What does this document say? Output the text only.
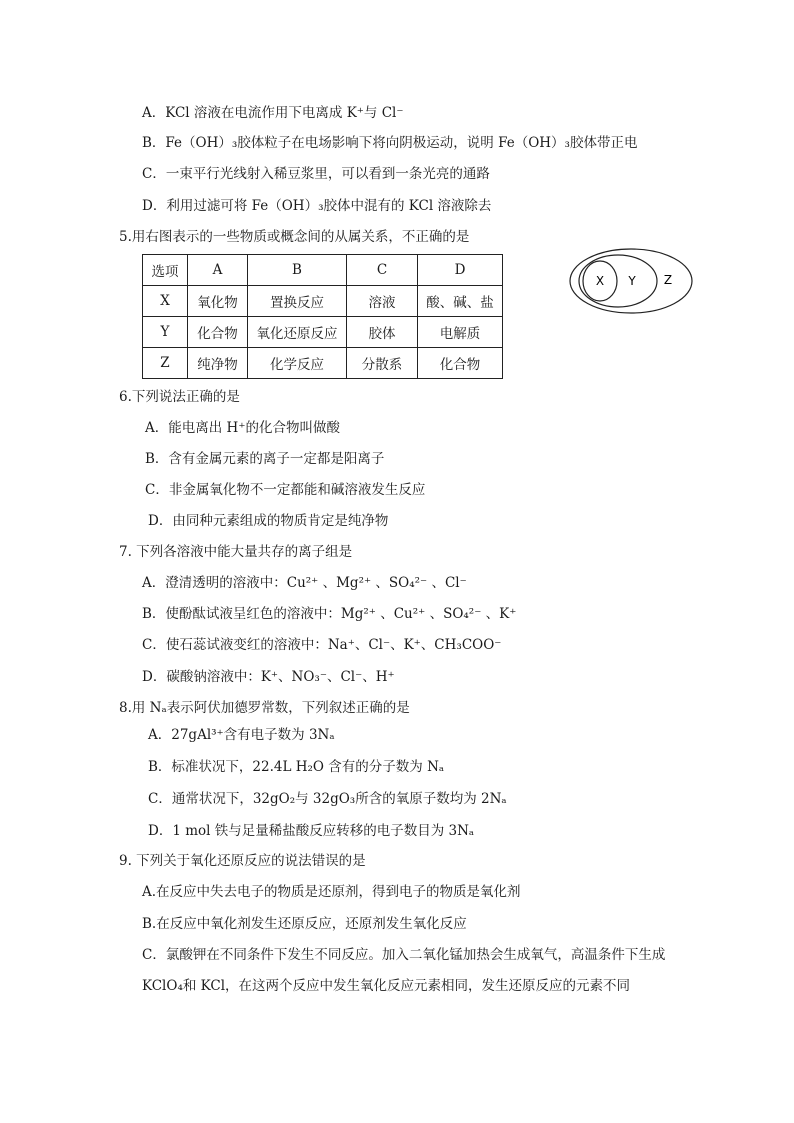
A．KCl 溶液在电流作用下电离成 K⁺与 Cl⁻
B．Fe（OH）₃胶体粒子在电场影响下将向阴极运动，说明 Fe（OH）₃胶体带正电
C．一束平行光线射入稀豆浆里，可以看到一条光亮的通路
D．利用过滤可将 Fe（OH）₃胶体中混有的 KCl 溶液除去
5.用右图表示的一些物质或概念间的从属关系，不正确的是
选项	A	B	C	D
X	氧化物	置换反应	溶液	酸、碱、盐
Y	化合物	氧化还原反应	胶体	电解质
Z	纯净物	化学反应	分散系	化合物
X Y Z
6.下列说法正确的是
A．能电离出 H⁺的化合物叫做酸
B．含有金属元素的离子一定都是阳离子
C．非金属氧化物不一定都能和碱溶液发生反应
D．由同种元素组成的物质肯定是纯净物
7. 下列各溶液中能大量共存的离子组是
A．澄清透明的溶液中：Cu²⁺ 、Mg²⁺ 、SO₄²⁻ 、Cl⁻
B．使酚酞试液呈红色的溶液中：Mg²⁺ 、Cu²⁺ 、SO₄²⁻ 、K⁺
C．使石蕊试液变红的溶液中：Na⁺、Cl⁻、K⁺、CH₃COO⁻
D．碳酸钠溶液中：K⁺、NO₃⁻、Cl⁻、H⁺
8.用 Nₐ表示阿伏加德罗常数，下列叙述正确的是
A．27gAl³⁺含有电子数为 3Nₐ
B．标准状况下，22.4L H₂O 含有的分子数为 Nₐ
C．通常状况下，32gO₂与 32gO₃所含的氧原子数均为 2Nₐ
D．1 mol 铁与足量稀盐酸反应转移的电子数目为 3Nₐ
9. 下列关于氧化还原反应的说法错误的是
A.在反应中失去电子的物质是还原剂，得到电子的物质是氧化剂
B.在反应中氧化剂发生还原反应，还原剂发生氧化反应
C．氯酸钾在不同条件下发生不同反应。加入二氧化锰加热会生成氧气，高温条件下生成
KClO₄和 KCl，在这两个反应中发生氧化反应元素相同，发生还原反应的元素不同
